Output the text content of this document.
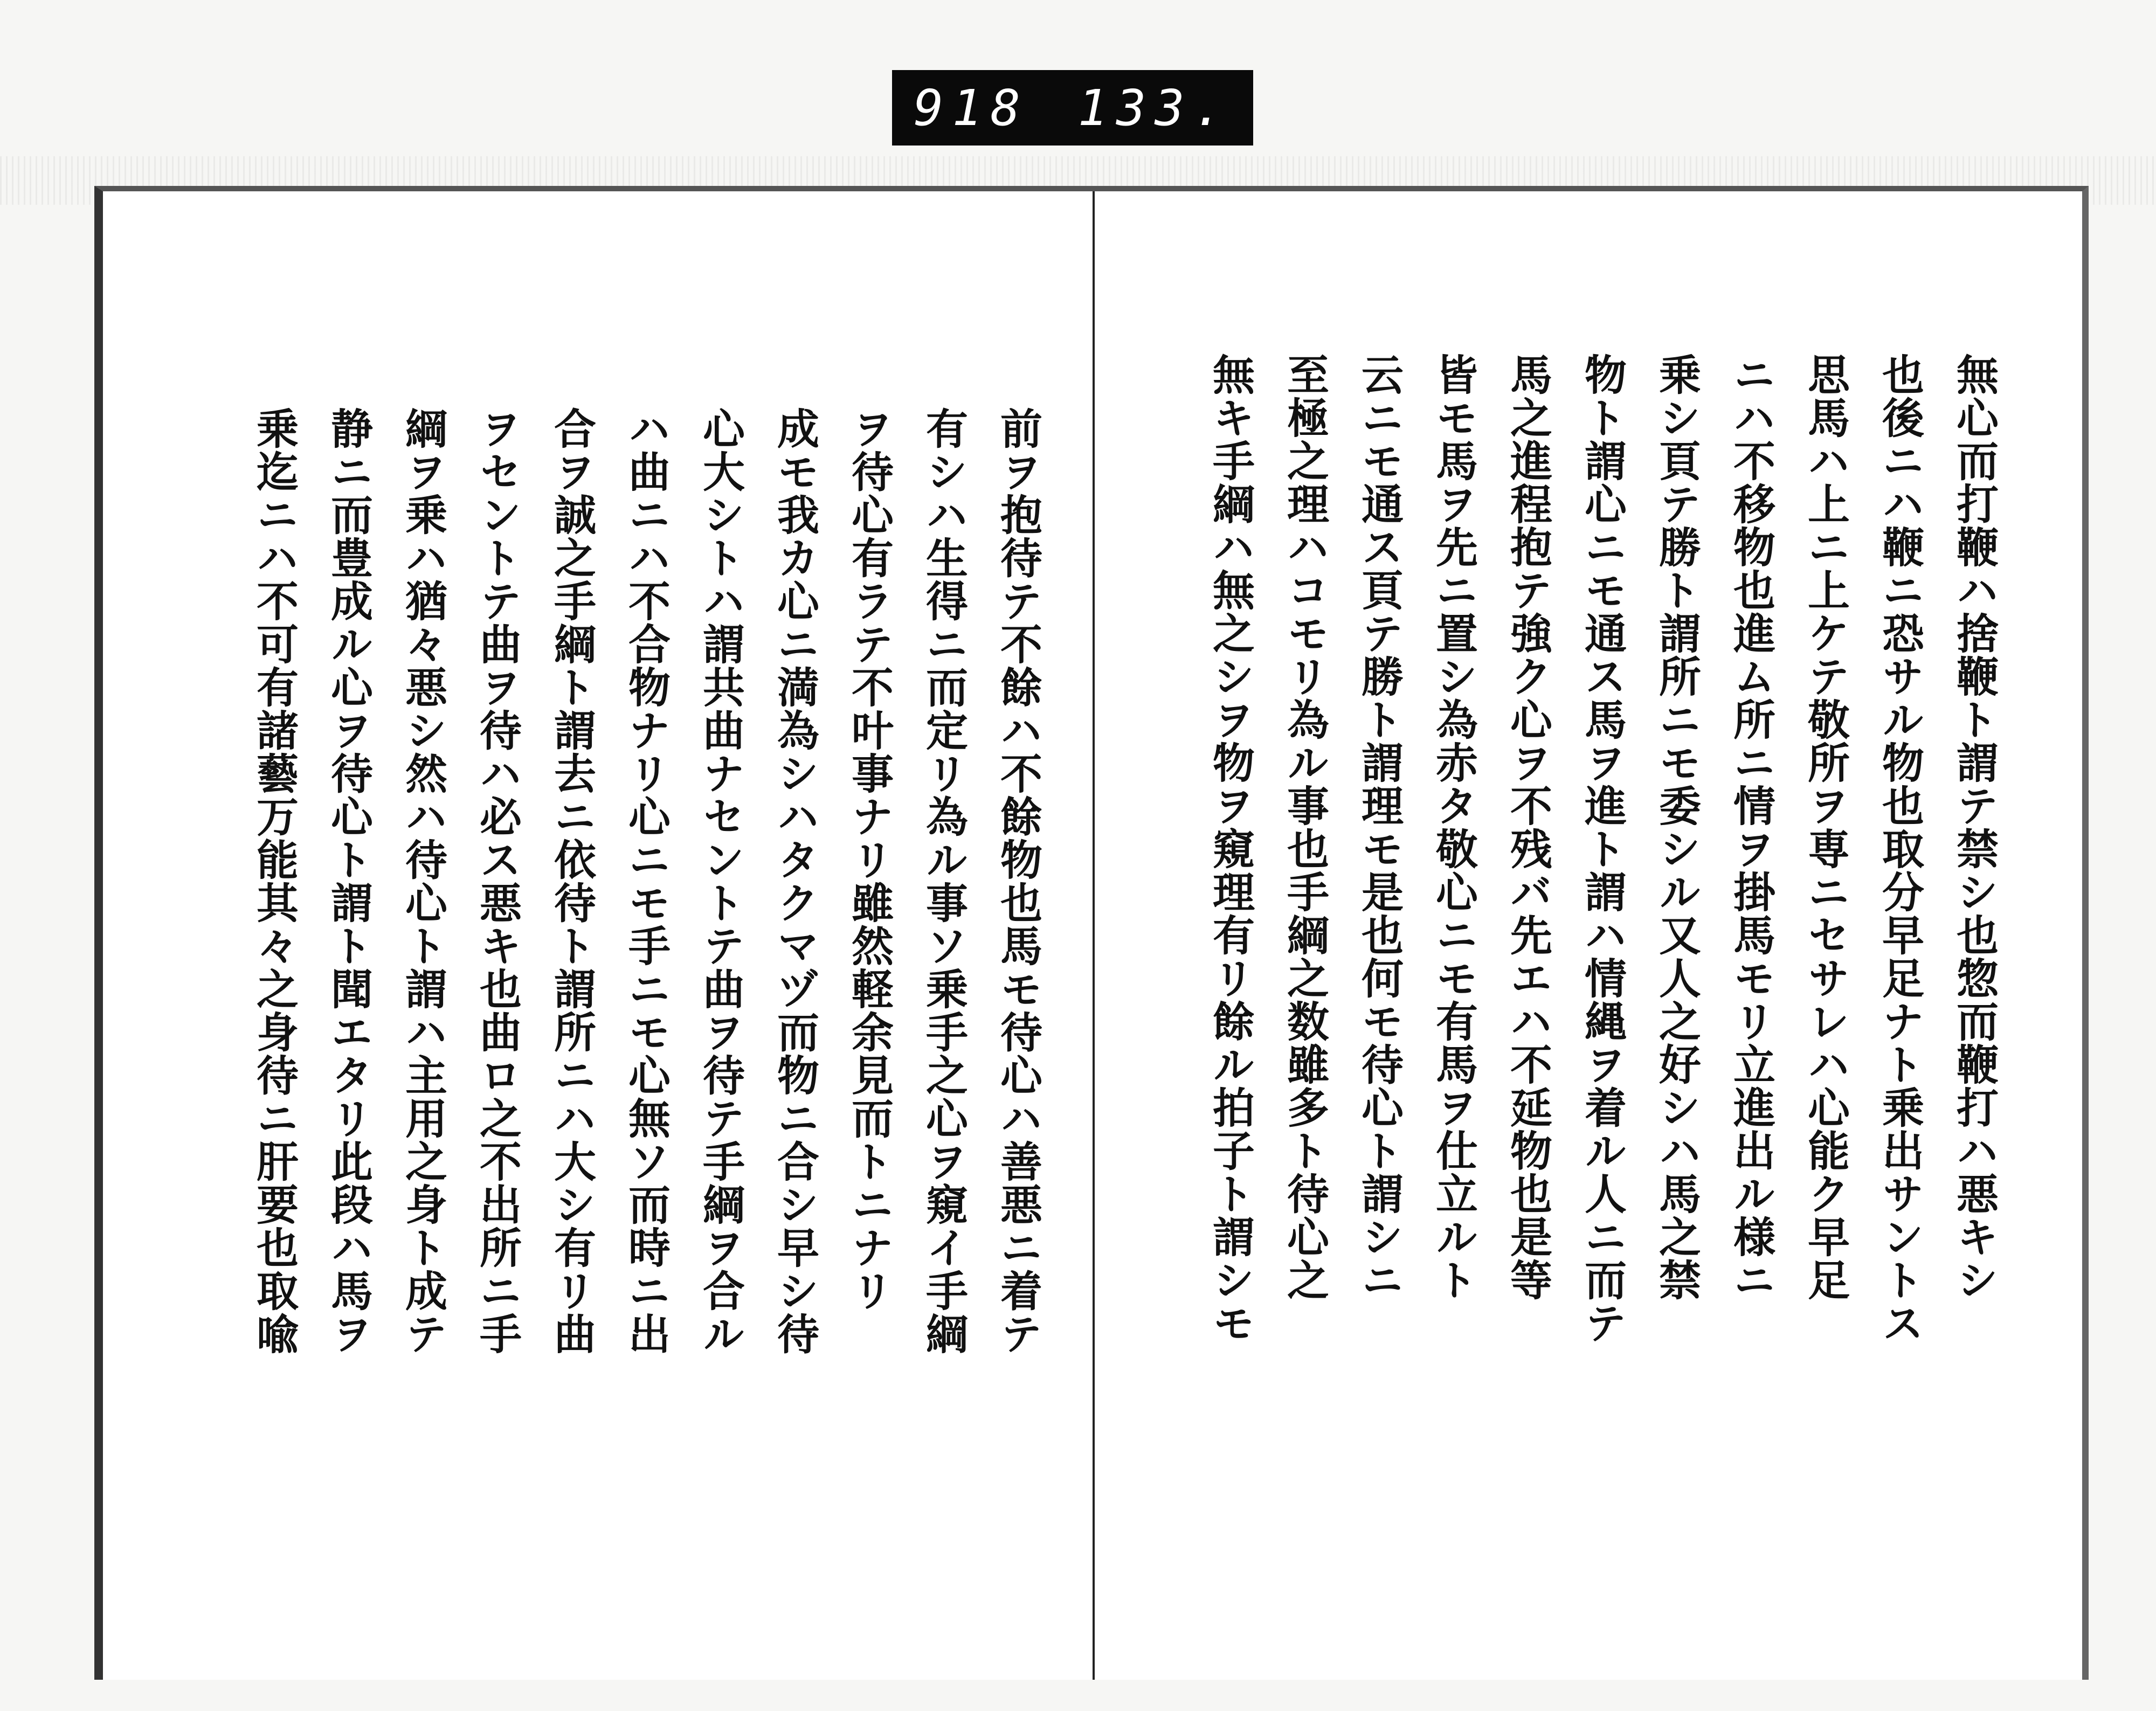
918 133.
前ヲ抱待テ不餘ハ不餘物也馬モ待心ハ善悪ニ着テ
有シハ生得ニ而定リ為ル事ソ乗手之心ヲ窺イ手綱
ヲ待心有ラテ不叶事ナリ雖然軽余見而トニナリ
成モ我カ心ニ満為シハタクマヅ而物ニ合シ早シ待
心大シトハ謂共曲ナセントテ曲ヲ待テ手綱ヲ合ル
ハ曲ニハ不合物ナリ心ニモ手ニモ心無ソ而時ニ出
合ヲ誠之手綱ト謂去ニ依待ト謂所ニハ大シ有リ曲
ヲセントテ曲ヲ待ハ必ス悪キ也曲ロ之不出所ニ手
綱ヲ乗ハ猶々悪シ然ハ待心ト謂ハ主用之身ト成テ
静ニ而豊成ル心ヲ待心ト謂ト聞エタリ此段ハ馬ヲ
乗迄ニハ不可有諸藝万能其々之身待ニ肝要也取喩	無心而打鞭ハ捨鞭ト謂テ禁シ也惣而鞭打ハ悪キシ
也後ニハ鞭ニ恐サル物也取分早足ナト乗出サントス
思馬ハ上ニ上ケテ敬所ヲ専ニセサレハ心能ク早足
ニハ不移物也進ム所ニ情ヲ掛馬モリ立進出ル様ニ
乗シ頁テ勝ト謂所ニモ委シル又人之好シハ馬之禁
物ト謂心ニモ通ス馬ヲ進ト謂ハ情縄ヲ着ル人ニ而テ
馬之進程抱テ強ク心ヲ不残バ先エハ不延物也是等
皆モ馬ヲ先ニ置シ為赤タ敬心ニモ有馬ヲ仕立ルト
云ニモ通ス頁テ勝ト謂理モ是也何モ待心ト謂シニ
至極之理ハコモリ為ル事也手綱之数雖多ト待心之
無キ手綱ハ無之シヲ物ヲ窺理有リ餘ル拍子ト謂シモ
